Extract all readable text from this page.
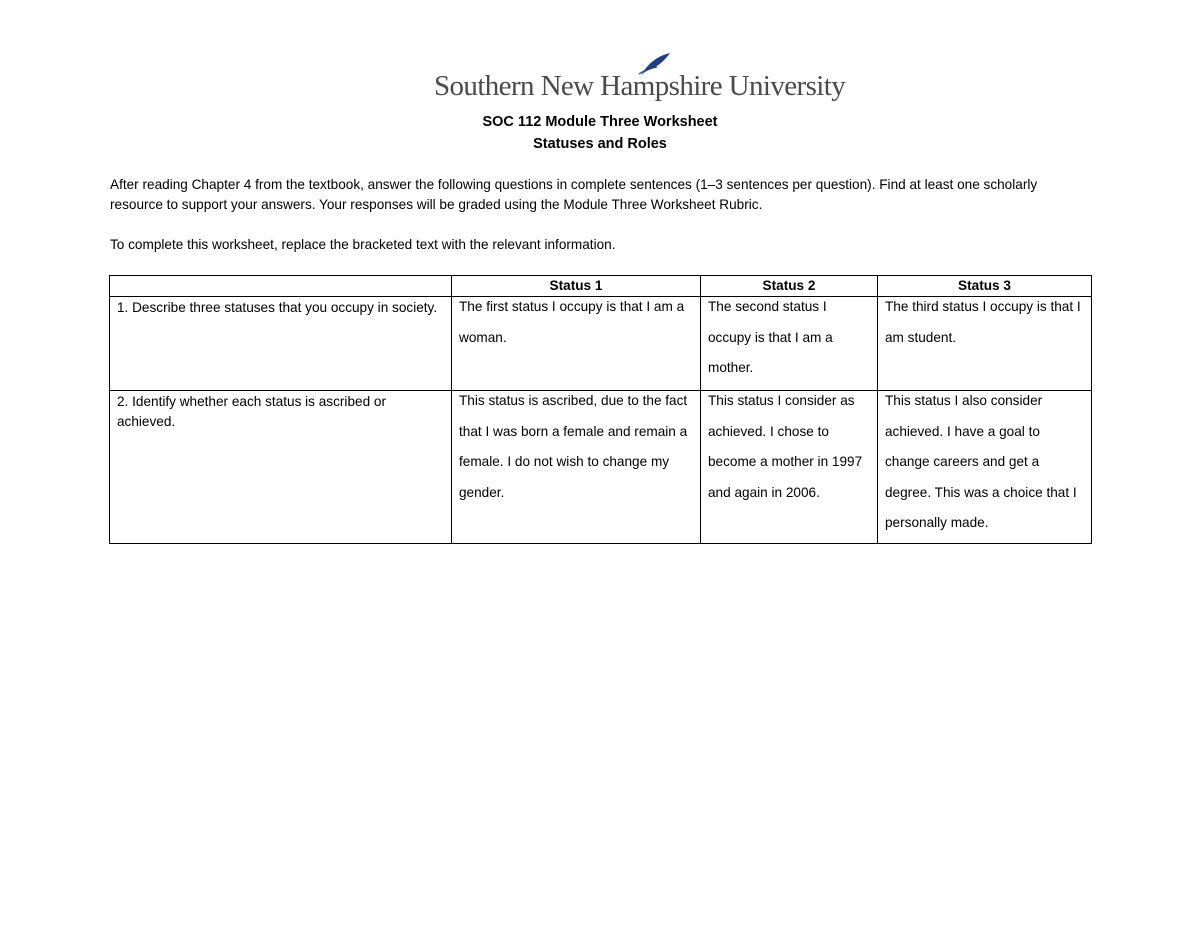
Southern New Hampshire University
SOC 112 Module Three Worksheet
Statuses and Roles

After reading Chapter 4 from the textbook, answer the following questions in complete sentences (1–3 sentences per question). Find at least one scholarly resource to support your answers. Your responses will be graded using the Module Three Worksheet Rubric.

To complete this worksheet, replace the bracketed text with the relevant information.

	Status 1	Status 2	Status 3
1. Describe three statuses that you occupy in society.	The first status I occupy is that I am a woman.	The second status I occupy is that I am a mother.	The third status I occupy is that I am student.

2. Identify whether each status is ascribed or achieved.	This status is ascribed, due to the fact that I was born a female and remain a female. I do not wish to change my gender.	This status I consider as achieved. I chose to become a mother in 1997 and again in 2006.	This status I also consider achieved. I have a goal to change careers and get a degree. This was a choice that I personally made.
